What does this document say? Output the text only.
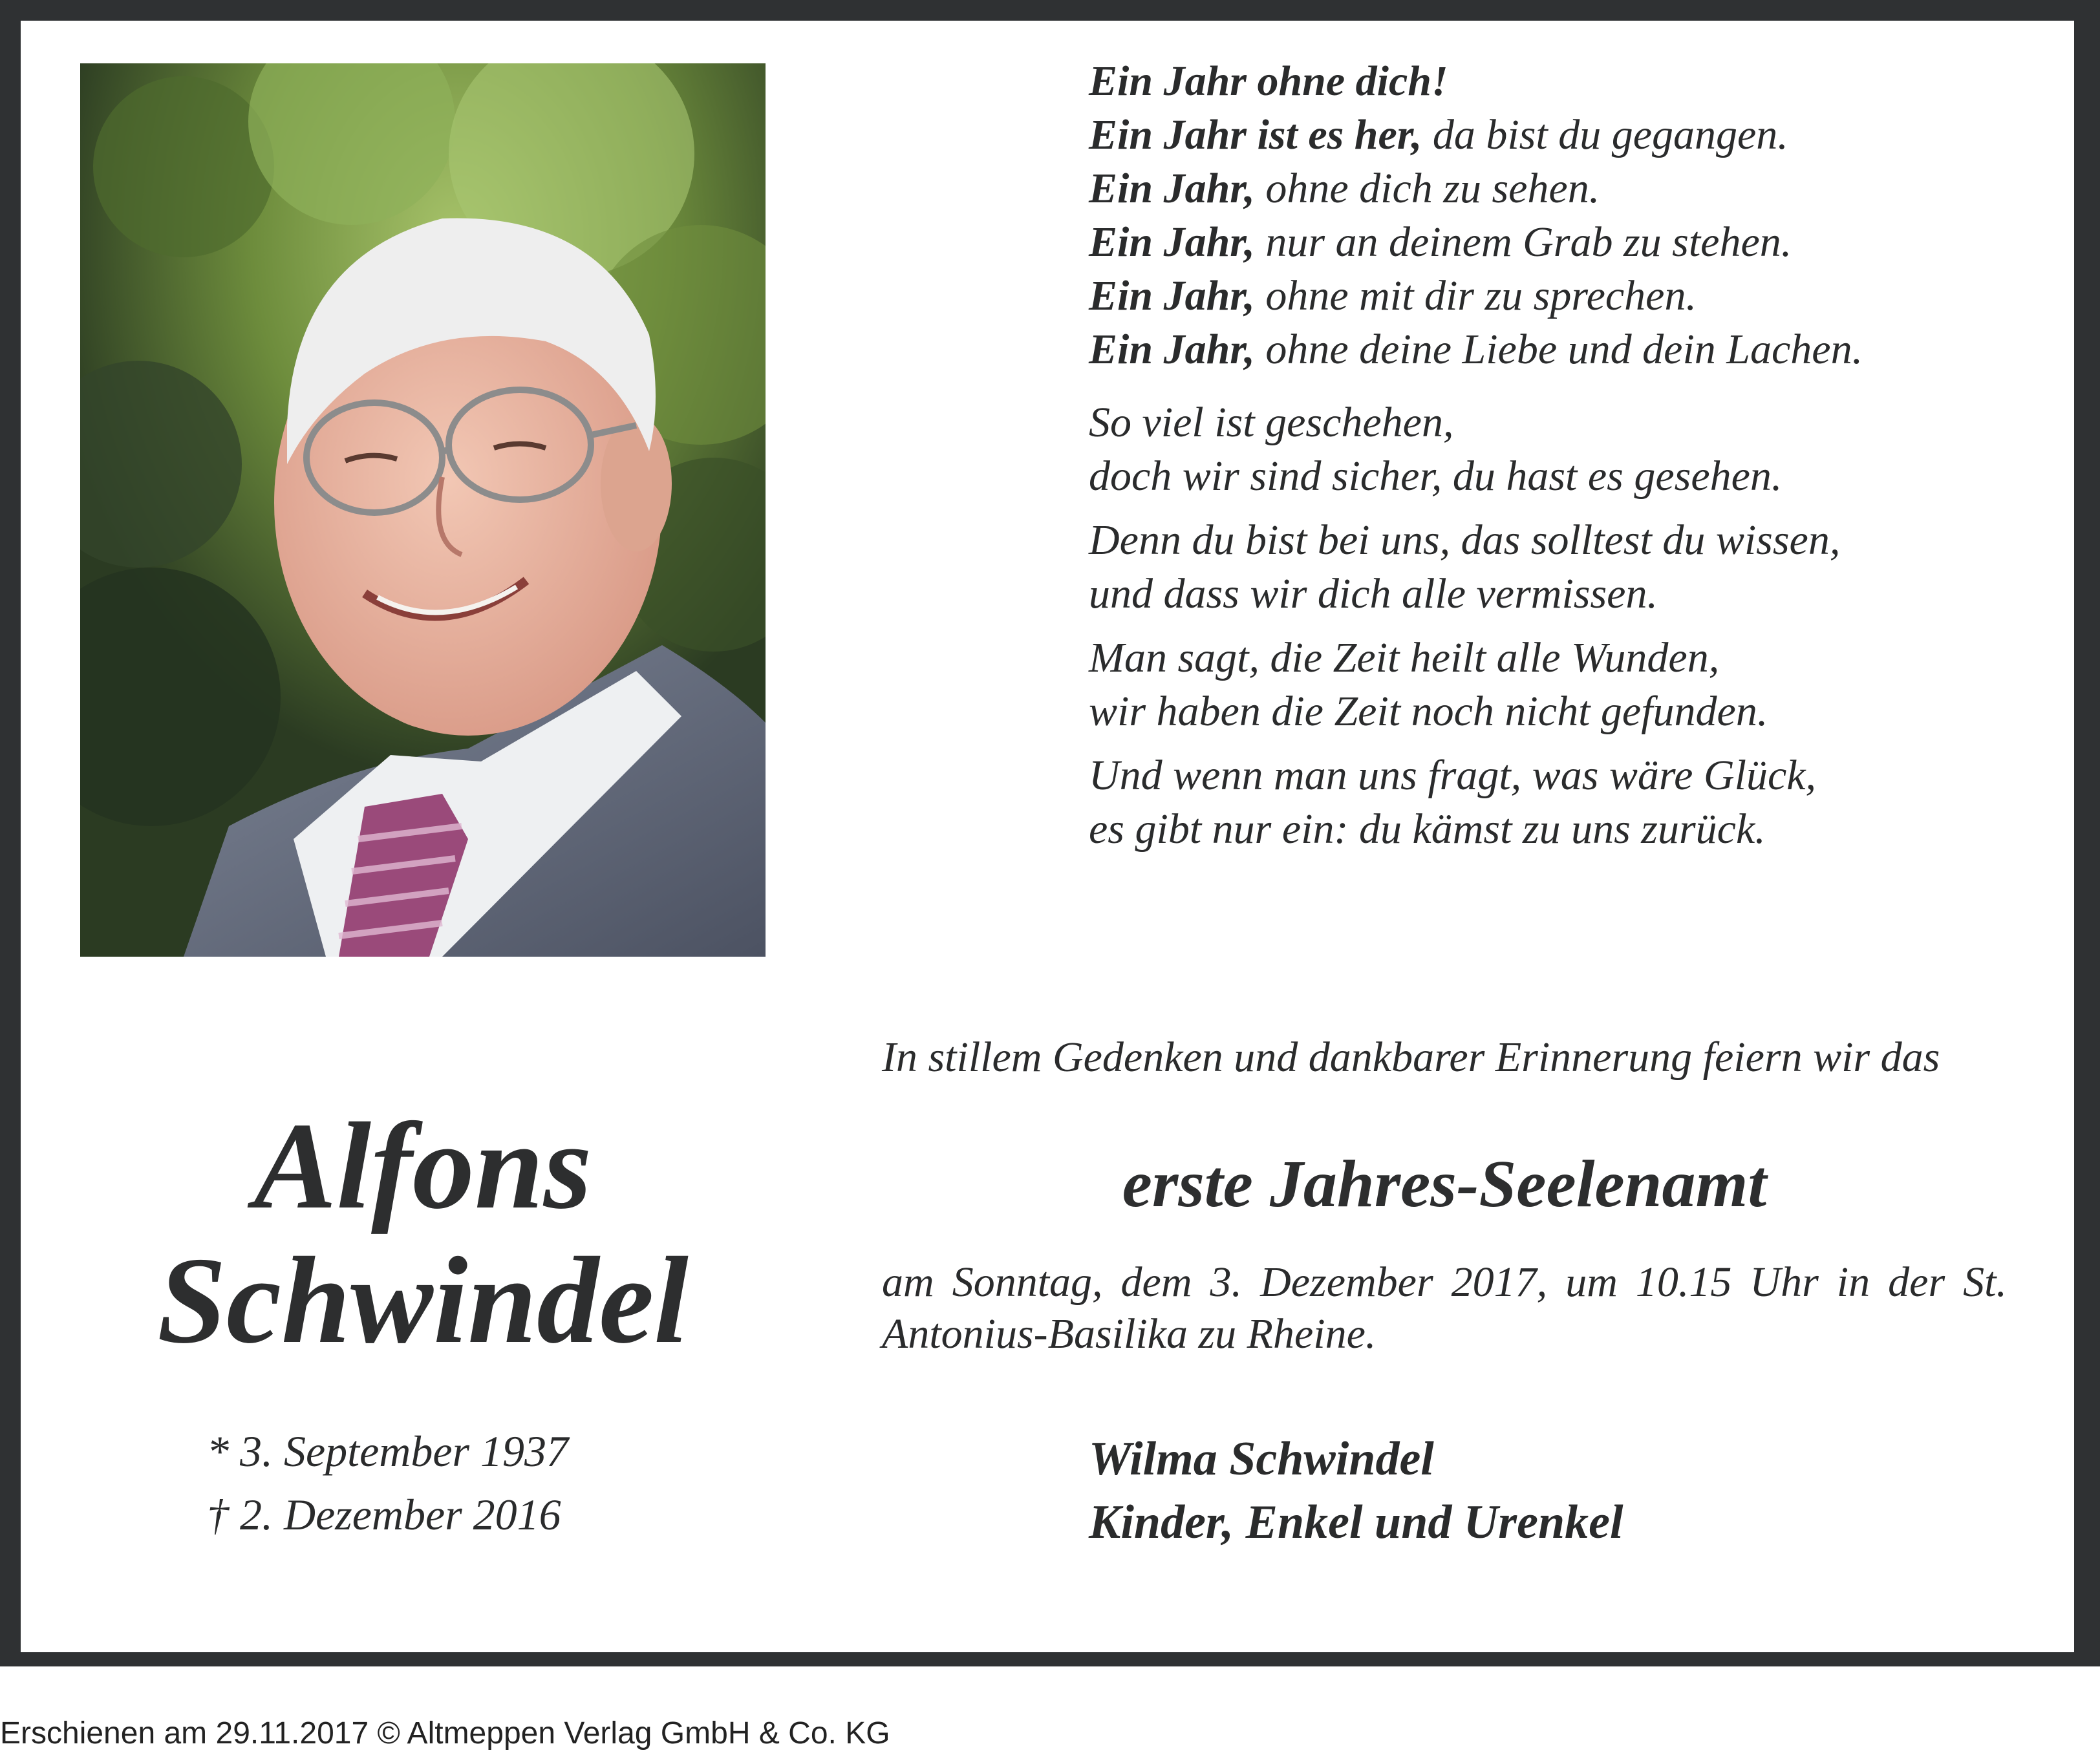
Ein Jahr ohne dich!
Ein Jahr ist es her, da bist du gegangen.
Ein Jahr, ohne dich zu sehen.
Ein Jahr, nur an deinem Grab zu stehen.
Ein Jahr, ohne mit dir zu sprechen.
Ein Jahr, ohne deine Liebe und dein Lachen.
So viel ist geschehen,
doch wir sind sicher, du hast es gesehen.
Denn du bist bei uns, das solltest du wissen,
und dass wir dich alle vermissen.
Man sagt, die Zeit heilt alle Wunden,
wir haben die Zeit noch nicht gefunden.
Und wenn man uns fragt, was wäre Glück,
es gibt nur ein: du kämst zu uns zurück.
Alfons
Schwindel
* 3. September 1937
† 2. Dezember 2016
In stillem Gedenken und dankbarer Erinnerung feiern wir das
erste Jahres-Seelenamt
am Sonntag, dem 3. Dezember 2017, um 10.15 Uhr in der St. Antonius-Basilika zu Rheine.
Wilma Schwindel
Kinder, Enkel und Urenkel
Erschienen am 29.11.2017 © Altmeppen Verlag GmbH & Co. KG
